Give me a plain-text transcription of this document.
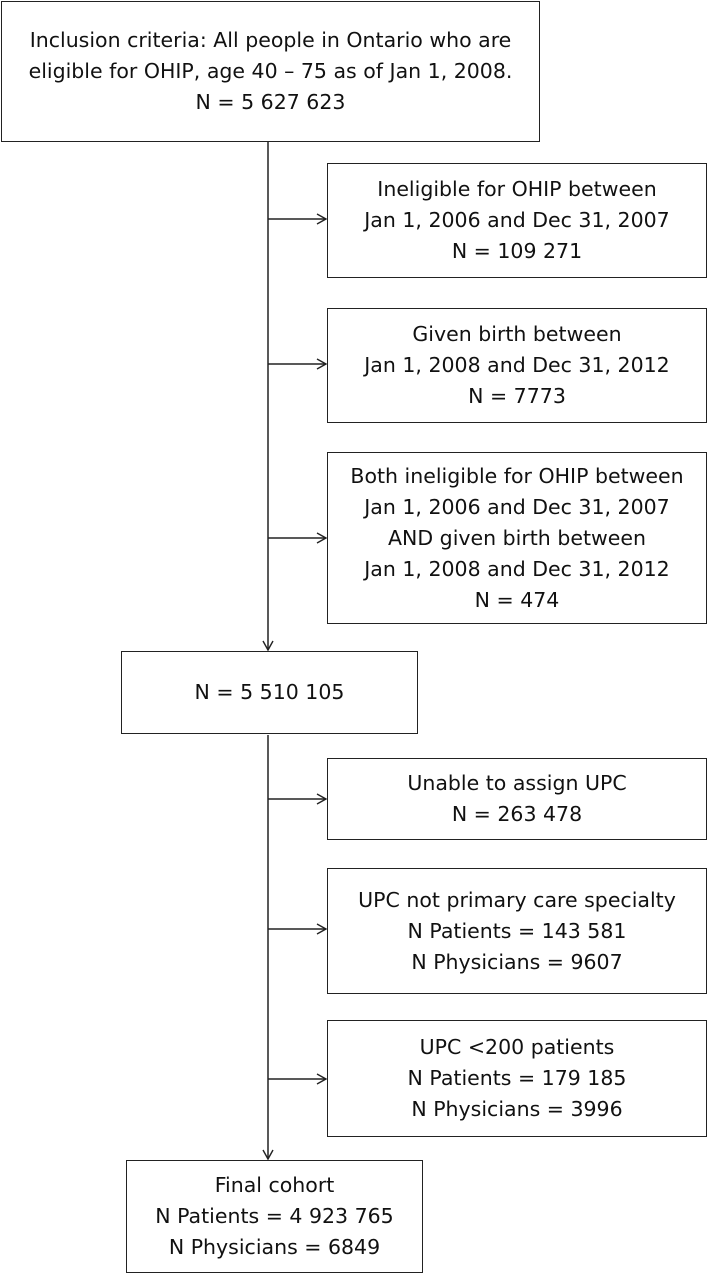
Inclusion criteria: All people in Ontario who are
eligible for OHIP, age 40 – 75 as of Jan 1, 2008.
N = 5 627 623
Ineligible for OHIP between
Jan 1, 2006 and Dec 31, 2007
N = 109 271
Given birth between
Jan 1, 2008 and Dec 31, 2012
N = 7773
Both ineligible for OHIP between
Jan 1, 2006 and Dec 31, 2007
AND given birth between
Jan 1, 2008 and Dec 31, 2012
N = 474
N = 5 510 105
Unable to assign UPC
N = 263 478
UPC not primary care specialty
N Patients = 143 581
N Physicians = 9607
UPC <200 patients
N Patients = 179 185
N Physicians = 3996
Final cohort
N Patients = 4 923 765
N Physicians = 6849
